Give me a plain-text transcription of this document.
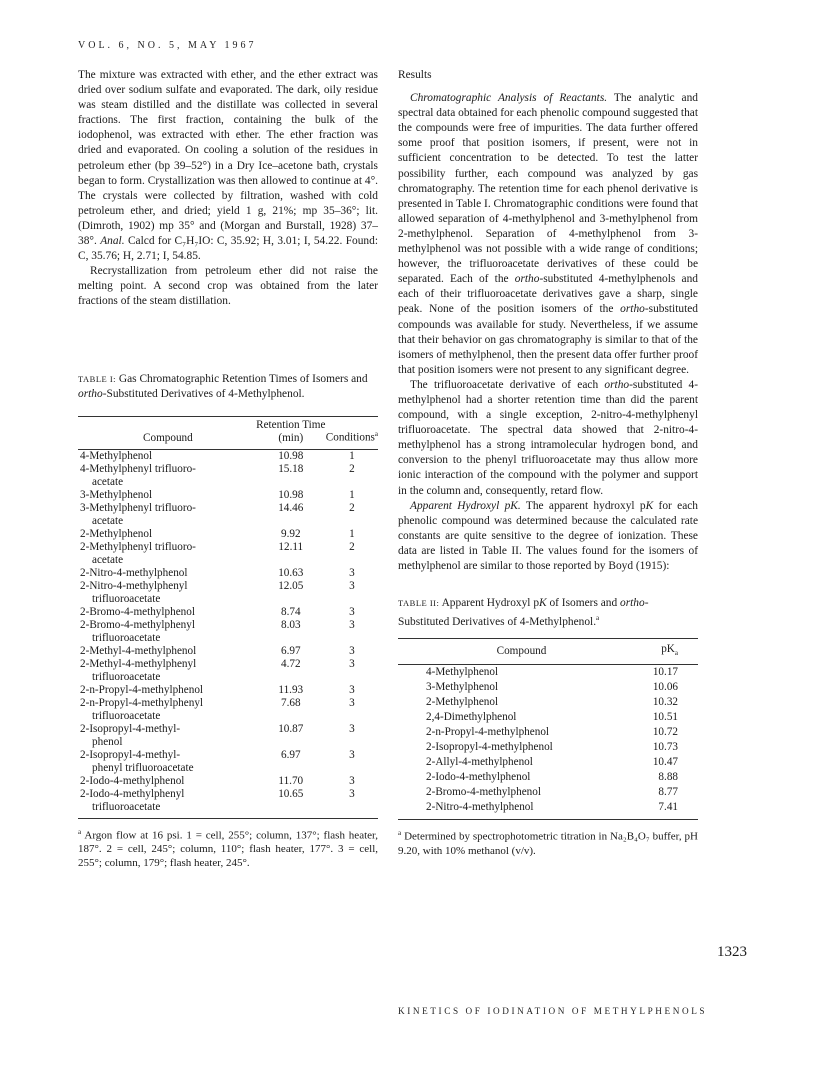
VOL. 6, NO. 5, MAY 1967

The mixture was extracted with ether, and the ether extract was dried over sodium sulfate and evaporated. The dark, oily residue was steam distilled and the distillate was collected in several fractions. The first fraction, containing the bulk of the iodophenol, was extracted with ether. The ether fraction was dried and evaporated. On cooling a solution of the residues in petroleum ether (bp 39–52°) in a Dry Ice–acetone bath, crystals began to form. Crystallization was then allowed to continue at 4°. The crystals were collected by filtration, washed with cold petroleum ether, and dried; yield 1 g, 21%; mp 35–36°; lit. (Dimroth, 1902) mp 35° and (Morgan and Burstall, 1928) 37–38°. Anal. Calcd for C₇H₇IO: C, 35.92; H, 3.01; I, 54.22. Found: C, 35.76; H, 2.71; I, 54.85.

Recrystallization from petroleum ether did not raise the melting point. A second crop was obtained from the later fractions of the steam distillation.

TABLE I: Gas Chromatographic Retention Times of Isomers and ortho-Substituted Derivatives of 4-Methylphenol.
Compound	Retention Time (min)	Conditions$^a$

4-Methylphenol	10.98	1

4-Methylphenyl trifluoro-
acetate	15.18	2

3-Methylphenol	10.98	1

3-Methylphenyl trifluoro-
acetate	14.46	2

2-Methylphenol	9.92	1

2-Methylphenyl trifluoro-
acetate	12.11	2

2-Nitro-4-methylphenol	10.63	3

2-Nitro-4-methylphenyl
trifluoroacetate	12.05	3

2-Bromo-4-methylphenol	8.74	3

2-Bromo-4-methylphenyl
trifluoroacetate	8.03	3

2-Methyl-4-methylphenol	6.97	3

2-Methyl-4-methylphenyl
trifluoroacetate	4.72	3

2-n-Propyl-4-methylphenol	11.93	3

2-n-Propyl-4-methylphenyl
trifluoroacetate	7.68	3

2-Isopropyl-4-methyl-
phenol	10.87	3

2-Isopropyl-4-methyl-
phenyl trifluoroacetate	6.97	3

2-Iodo-4-methylphenol	11.70	3

2-Iodo-4-methylphenyl
trifluoroacetate	10.65	3
$^a$ Argon flow at 16 psi. 1 = cell, 255°; column, 137°; flash heater, 187°. 2 = cell, 245°; column, 110°; flash heater, 177°. 3 = cell, 255°; column, 179°; flash heater, 245°.
Results

Chromatographic Analysis of Reactants. The analytic and spectral data obtained for each phenolic compound suggested that the compounds were free of impurities. The data further offered some proof that position isomers, if present, were not in sufficient concentration to be detected. To test the latter possibility further, each compound was analyzed by gas chromatography. The retention time for each phenol derivative is presented in Table I. Chromatographic conditions were found that allowed separation of 4-methylphenol and 3-methylphenol from 2-methylphenol. Separation of 4-methylphenol from 3-methylphenol was not possible with a wide range of conditions; however, the trifluoroacetate derivatives of these could be separated. Each of the ortho-substituted 4-methylphenols and each of their trifluoroacetate derivatives gave a sharp, single peak. None of the position isomers of the ortho-substituted compounds was available for study. Nevertheless, if we assume that their behavior on gas chromatography is similar to that of the isomers of methylphenol, then the present data offer further proof that position isomers were not present to any significant degree.

The trifluoroacetate derivative of each ortho-substituted 4-methylphenol had a shorter retention time than did the parent compound, with a single exception, 2-nitro-4-methylphenyl trifluoroacetate. The spectral data showed that 2-nitro-4-methylphenol has a strong intramolecular hydrogen bond, and conversion to the phenyl trifluoroacetate may thus allow more ionic interaction of the compound with the polymer and support in the column and, consequently, retard flow.

Apparent Hydroxyl pK. The apparent hydroxyl pK for each phenolic compound was determined because the calculated rate constants are quite sensitive to the degree of ionization. These data are listed in Table II. The values found for the isomers of methylphenol are similar to those reported by Boyd (1915):

TABLE II: Apparent Hydroxyl pK of Isomers and ortho-Substituted Derivatives of 4-Methylphenol.$^a$
Compound	$pK_a$
4-Methylphenol	10.17
3-Methylphenol	10.06
2-Methylphenol	10.32
2,4-Dimethylphenol	10.51
2-n-Propyl-4-methylphenol	10.72
2-Isopropyl-4-methylphenol	10.73
2-Allyl-4-methylphenol	10.47
2-Iodo-4-methylphenol	8.88
2-Bromo-4-methylphenol	8.77
2-Nitro-4-methylphenol	7.41
$^a$ Determined by spectrophotometric titration in Na₂B₄O₇ buffer, pH 9.20, with 10% methanol (v/v).
1323
KINETICS OF IODINATION OF METHYLPHENOLS
